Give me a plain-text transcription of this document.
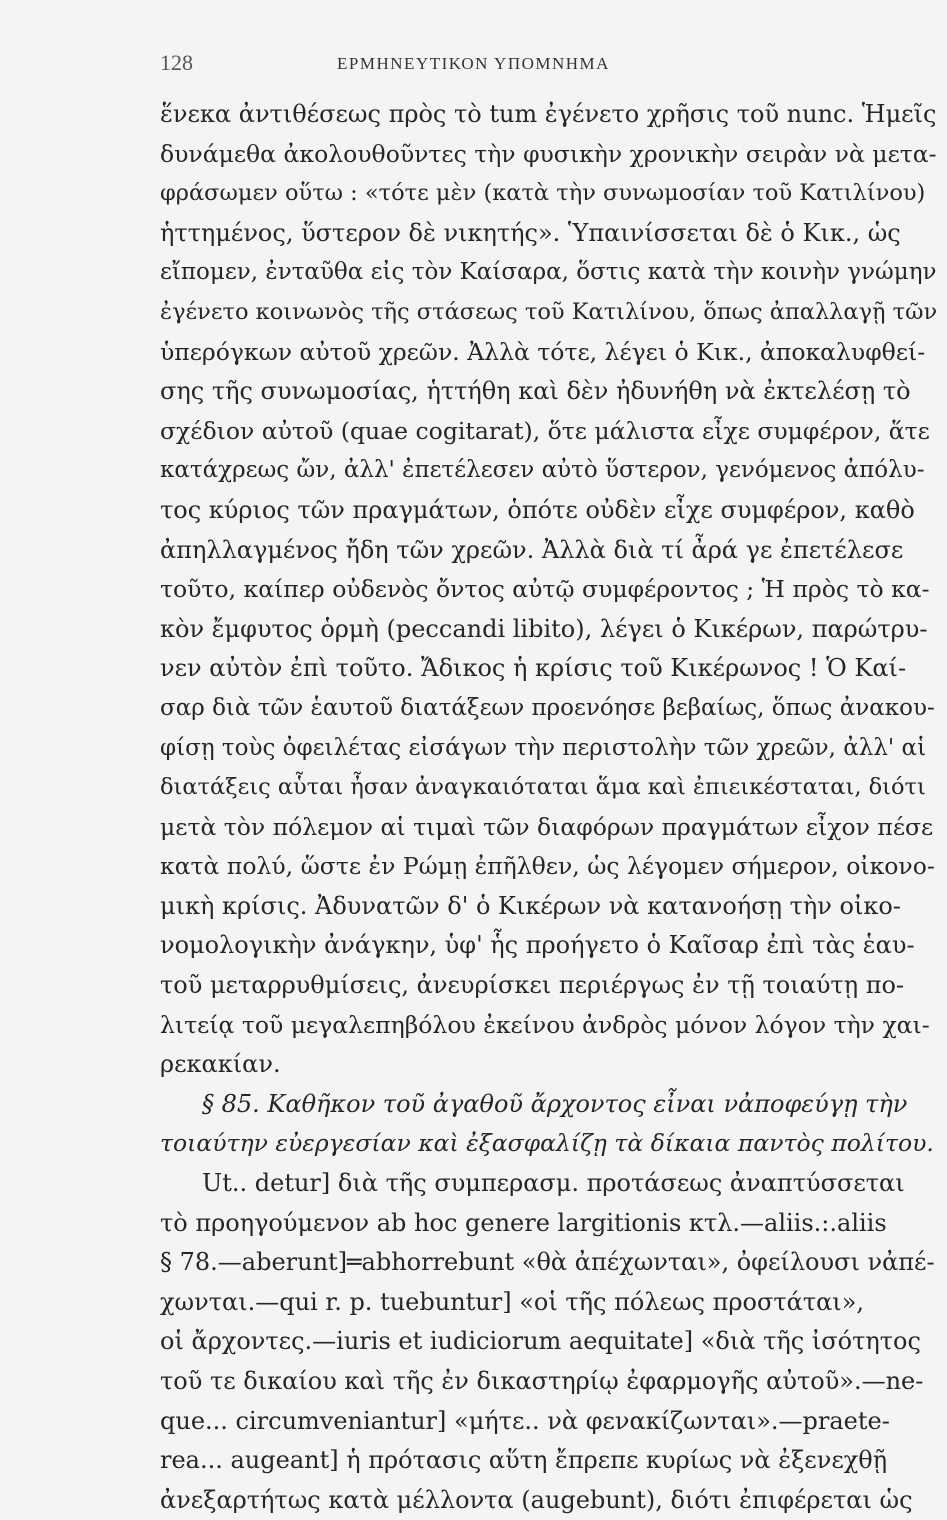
128	ΕΡΜΗΝΕΥΤΙΚΟΝ ΥΠΟΜΝΗΜΑ
ἕνεκα ἀντιθέσεως πρὸς τὸ tum ἐγένετο χρῆσις τοῦ nunc. Ἡμεῖς
δυνάμεθα ἀκολουθοῦντες τὴν φυσικὴν χρονικὴν σειρὰν νὰ μετα-
φράσωμεν οὕτω : «τότε μὲν (κατὰ τὴν συνωμοσίαν τοῦ Κατιλίνου)
ἡττημένος, ὕστερον δὲ νικητής». Ὑπαινίσσεται δὲ ὁ Κικ., ὡς
εἴπομεν, ἐνταῦθα εἰς τὸν Καίσαρα, ὅστις κατὰ τὴν κοινὴν γνώμην
ἐγένετο κοινωνὸς τῆς στάσεως τοῦ Κατιλίνου, ὅπως ἀπαλλαγῇ τῶν
ὑπερόγκων αὐτοῦ χρεῶν. Ἀλλὰ τότε, λέγει ὁ Κικ., ἀποκαλυφθεί-
σης τῆς συνωμοσίας, ἡττήθη καὶ δὲν ἠδυνήθη νὰ ἐκτελέσῃ τὸ
σχέδιον αὐτοῦ (quae cogitarat), ὅτε μάλιστα εἶχε συμφέρον, ἅτε
κατάχρεως ὤν, ἀλλ' ἐπετέλεσεν αὐτὸ ὕστερον, γενόμενος ἀπόλυ-
τος κύριος τῶν πραγμάτων, ὁπότε οὐδὲν εἶχε συμφέρον, καθὸ
ἀπηλλαγμένος ἤδη τῶν χρεῶν. Ἀλλὰ διὰ τί ἆρά γε ἐπετέλεσε
τοῦτο, καίπερ οὐδενὸς ὄντος αὐτῷ συμφέροντος ; Ἡ πρὸς τὸ κα-
κὸν ἔμφυτος ὁρμὴ (peccandi libito), λέγει ὁ Κικέρων, παρώτρυ-
νεν αὐτὸν ἐπὶ τοῦτο. Ἄδικος ἡ κρίσις τοῦ Κικέρωνος ! Ὁ Καί-
σαρ διὰ τῶν ἑαυτοῦ διατάξεων προενόησε βεβαίως, ὅπως ἀνακου-
φίσῃ τοὺς ὀφειλέτας εἰσάγων τὴν περιστολὴν τῶν χρεῶν, ἀλλ' αἱ
διατάξεις αὗται ἦσαν ἀναγκαιόταται ἅμα καὶ ἐπιεικέσταται, διότι
μετὰ τὸν πόλεμον αἱ τιμαὶ τῶν διαφόρων πραγμάτων εἶχον πέσε
κατὰ πολύ, ὥστε ἐν Ρώμῃ ἐπῆλθεν, ὡς λέγομεν σήμερον, οἰκονο-
μικὴ κρίσις. Ἀδυνατῶν δ' ὁ Κικέρων νὰ κατανοήσῃ τὴν οἰκο-
νομολογικὴν ἀνάγκην, ὑφ' ἧς προήγετο ὁ Καῖσαρ ἐπὶ τὰς ἑαυ-
τοῦ μεταρρυθμίσεις, ἀνευρίσκει περιέργως ἐν τῇ τοιαύτῃ πο-
λιτείᾳ τοῦ μεγαλεπηβόλου ἐκείνου ἀνδρὸς μόνον λόγον τὴν χαι-
ρεκακίαν.
§ 85. Καθῆκον τοῦ ἀγαθοῦ ἄρχοντος εἶναι νἀποφεύγῃ τὴν
τοιαύτην εὐεργεσίαν καὶ ἐξασφαλίζῃ τὰ δίκαια παντὸς πολίτου.
Ut.. detur] διὰ τῆς συμπερασμ. προτάσεως ἀναπτύσσεται
τὸ προηγούμενον ab hoc genere largitionis κτλ.—aliis.:.aliis
§ 78.—aberunt]═abhorrebunt «θὰ ἀπέχωνται», ὀφείλουσι νἀπέ-
χωνται.—qui r. p. tuebuntur] «οἱ τῆς πόλεως προστάται»,
οἱ ἄρχοντες.—iuris et iudiciorum aequitate] «διὰ τῆς ἰσότητος
τοῦ τε δικαίου καὶ τῆς ἐν δικαστηρίῳ ἐφαρμογῆς αὐτοῦ».—ne-
que... circumveniantur] «μήτε.. νὰ φενακίζωνται».—praete-
rea... augeant] ἡ πρότασις αὕτη ἔπρεπε κυρίως νὰ ἐξενεχθῇ
ἀνεξαρτήτως κατὰ μέλλοντα (augebunt), διότι ἐπιφέρεται ὡς
